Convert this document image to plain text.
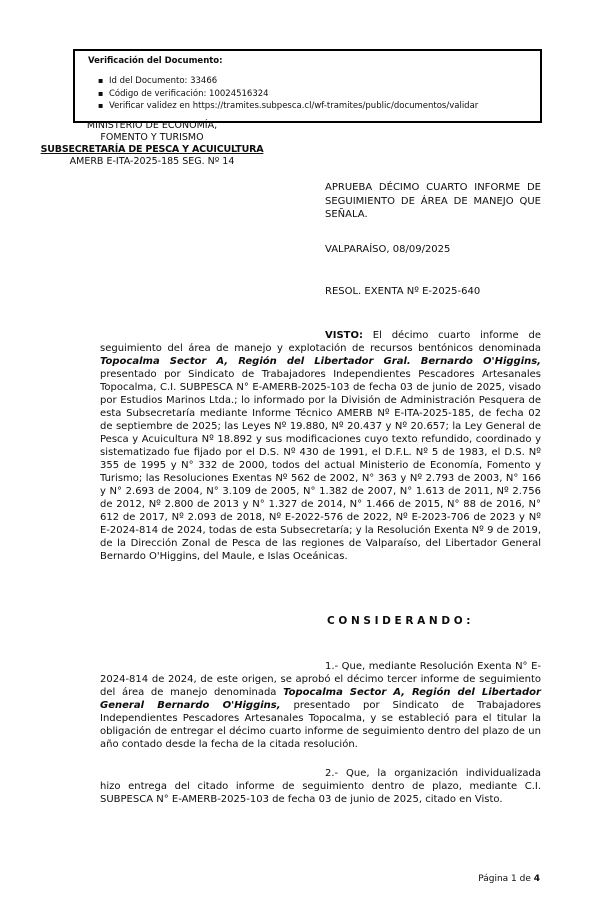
Verificación del Documento:
▪ Id del Documento: 33466
▪ Código de verificación: 10024516324
▪ Verificar validez en https://tramites.subpesca.cl/wf-tramites/public/documentos/validar
MINISTERIO DE ECONOMÍA,
FOMENTO Y TURISMO
SUBSECRETARÍA DE PESCA Y ACUICULTURA
AMERB E-ITA-2025-185 SEG. Nº 14
APRUEBA DÉCIMO CUARTO INFORME DE SEGUIMIENTO DE ÁREA DE MANEJO QUE SEÑALA.
VALPARAÍSO, 08/09/2025
RESOL. EXENTA Nº E-2025-640

VISTO: El décimo cuarto informe de seguimiento del área de manejo y explotación de recursos bentónicos denominada Topocalma Sector A, Región del Libertador Gral. Bernardo O'Higgins, presentado por Sindicato de Trabajadores Independientes Pescadores Artesanales Topocalma, C.I. SUBPESCA N° E-AMERB-2025-103 de fecha 03 de junio de 2025, visado por Estudios Marinos Ltda.; lo informado por la División de Administración Pesquera de esta Subsecretaría mediante Informe Técnico AMERB Nº E-ITA-2025-185, de fecha 02 de septiembre de 2025; las Leyes Nº 19.880, Nº 20.437 y Nº 20.657; la Ley General de Pesca y Acuicultura Nº 18.892 y sus modificaciones cuyo texto refundido, coordinado y sistematizado fue fijado por el D.S. Nº 430 de 1991, el D.F.L. Nº 5 de 1983, el D.S. Nº 355 de 1995 y N° 332 de 2000, todos del actual Ministerio de Economía, Fomento y Turismo; las Resoluciones Exentas Nº 562 de 2002, N° 363 y Nº 2.793 de 2003, N° 166 y N° 2.693 de 2004, N° 3.109 de 2005, N° 1.382 de 2007, N° 1.613 de 2011, Nº 2.756 de 2012, Nº 2.800 de 2013 y N° 1.327 de 2014, N° 1.466 de 2015, N° 88 de 2016, N° 612 de 2017, Nº 2.093 de 2018, Nº E-2022-576 de 2022, Nº E-2023-706 de 2023 y Nº E-2024-814 de 2024, todas de esta Subsecretaría; y la Resolución Exenta Nº 9 de 2019, de la Dirección Zonal de Pesca de las regiones de Valparaíso, del Libertador General Bernardo O'Higgins, del Maule, e Islas Oceánicas.

C O N S I D E R A N D O :

1.- Que, mediante Resolución Exenta N° E-2024-814 de 2024, de este origen, se aprobó el décimo tercer informe de seguimiento del área de manejo denominada Topocalma Sector A, Región del Libertador General Bernardo O'Higgins, presentado por Sindicato de Trabajadores Independientes Pescadores Artesanales Topocalma, y se estableció para el titular la obligación de entregar el décimo cuarto informe de seguimiento dentro del plazo de un año contado desde la fecha de la citada resolución.

2.- Que, la organización individualizada hizo entrega del citado informe de seguimiento dentro de plazo, mediante C.I. SUBPESCA N° E-AMERB-2025-103 de fecha 03 de junio de 2025, citado en Visto.

Página 1 de 4
